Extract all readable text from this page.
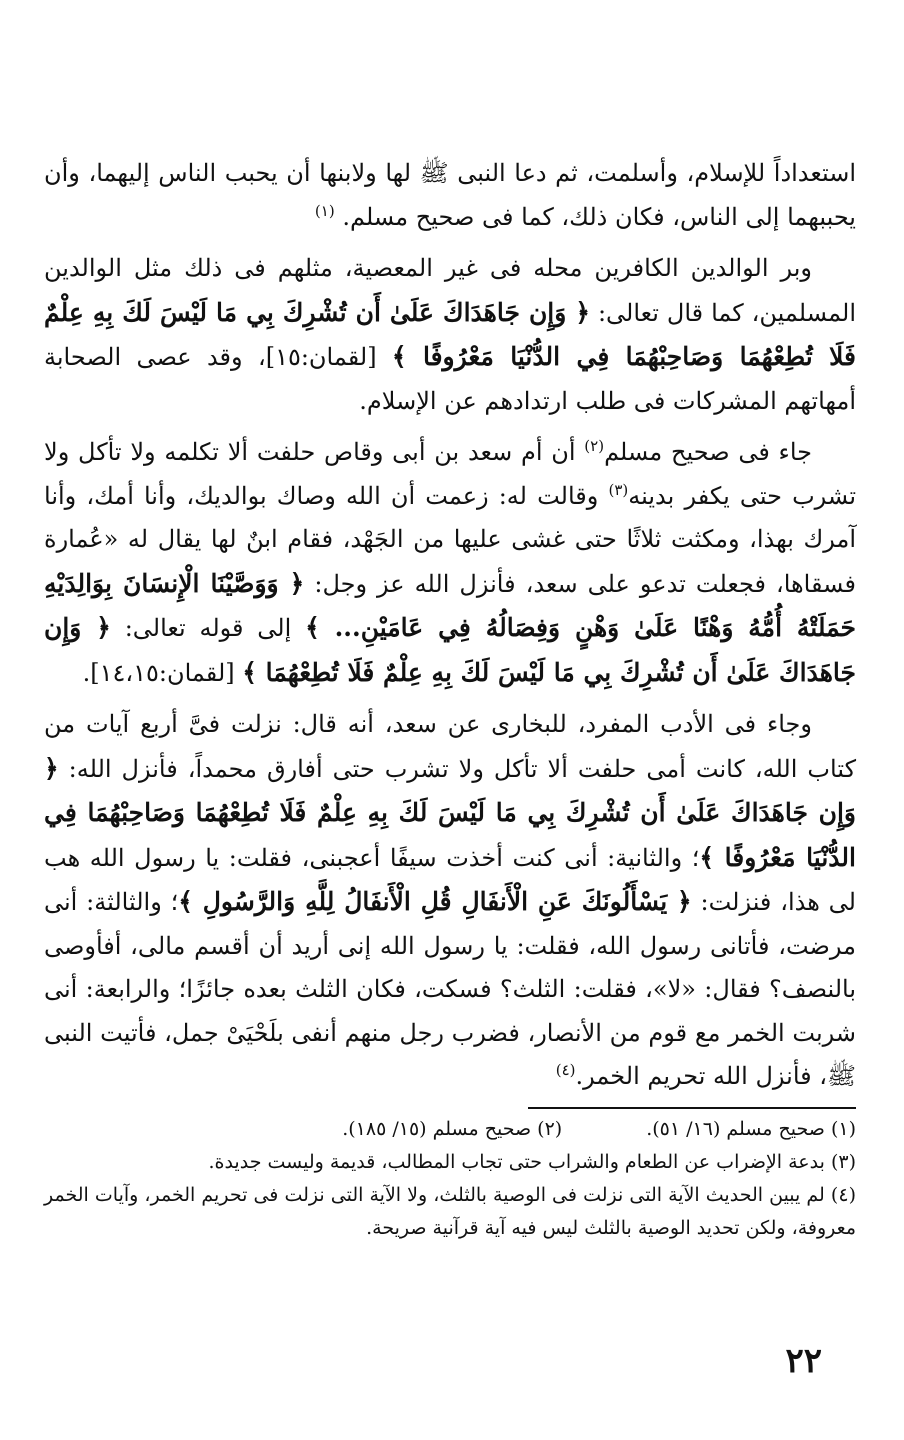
استعداداً للإسلام، وأسلمت، ثم دعا النبى ﷺ لها ولابنها أن يحبب الناس إليهما، وأن يحببهما إلى الناس، فكان ذلك، كما فى صحيح مسلم. $^{(١)}$

وبر الوالدين الكافرين محله فى غير المعصية، مثلهم فى ذلك مثل الوالدين المسلمين، كما قال تعالى: ﴿ وَإِن جَاهَدَاكَ عَلَىٰ أَن تُشْرِكَ بِي مَا لَيْسَ لَكَ بِهِ عِلْمٌ فَلَا تُطِعْهُمَا وَصَاحِبْهُمَا فِي الدُّنْيَا مَعْرُوفًا ﴾ [لقمان:١٥]، وقد عصى الصحابة أمهاتهم المشركات فى طلب ارتدادهم عن الإسلام.

جاء فى صحيح مسلم$^{(٢)}$ أن أم سعد بن أبى وقاص حلفت ألا تكلمه ولا تأكل ولا تشرب حتى يكفر بدينه$^{(٣)}$ وقالت له: زعمت أن الله وصاك بوالديك، وأنا أمك، وأنا آمرك بهذا، ومكثت ثلاثًا حتى غشى عليها من الجَهْد، فقام ابنٌ لها يقال له «عُمارة فسقاها، فجعلت تدعو على سعد، فأنزل الله عز وجل: ﴿ وَوَصَّيْنَا الْإِنسَانَ بِوَالِدَيْهِ حَمَلَتْهُ أُمُّهُ وَهْنًا عَلَىٰ وَهْنٍ وَفِصَالُهُ فِي عَامَيْنِ... ﴾ إلى قوله تعالى: ﴿ وَإِن جَاهَدَاكَ عَلَىٰ أَن تُشْرِكَ بِي مَا لَيْسَ لَكَ بِهِ عِلْمٌ فَلَا تُطِعْهُمَا ﴾ [لقمان:١٤،١٥].

وجاء فى الأدب المفرد، للبخارى عن سعد، أنه قال: نزلت فىَّ أربع آيات من كتاب الله، كانت أمى حلفت ألا تأكل ولا تشرب حتى أفارق محمداً، فأنزل الله: ﴿ وَإِن جَاهَدَاكَ عَلَىٰ أَن تُشْرِكَ بِي مَا لَيْسَ لَكَ بِهِ عِلْمٌ فَلَا تُطِعْهُمَا وَصَاحِبْهُمَا فِي الدُّنْيَا مَعْرُوفًا ﴾؛ والثانية: أنى كنت أخذت سيفًا أعجبنى، فقلت: يا رسول الله هب لى هذا، فنزلت: ﴿ يَسْأَلُونَكَ عَنِ الْأَنفَالِ قُلِ الْأَنفَالُ لِلَّهِ وَالرَّسُولِ ﴾؛ والثالثة: أنى مرضت، فأتانى رسول الله، فقلت: يا رسول الله إنى أريد أن أقسم مالى، أفأوصى بالنصف؟ فقال: «لا»، فقلت: الثلث؟ فسكت، فكان الثلث بعده جائزًا؛ والرابعة: أنى شربت الخمر مع قوم من الأنصار، فضرب رجل منهم أنفى بلَحْيَىْ جمل، فأتيت النبى ﷺ، فأنزل الله تحريم الخمر.$^{(٤)}$

(١) صحيح مسلم (١٦/ ٥١).
(٢) صحيح مسلم (١٥/ ١٨٥).

(٣) بدعة الإضراب عن الطعام والشراب حتى تجاب المطالب، قديمة وليست جديدة.

(٤) لم يبين الحديث الآية التى نزلت فى الوصية بالثلث، ولا الآية التى نزلت فى تحريم الخمر، وآيات الخمر معروفة، ولكن تحديد الوصية بالثلث ليس فيه آية قرآنية صريحة.

٢٢
